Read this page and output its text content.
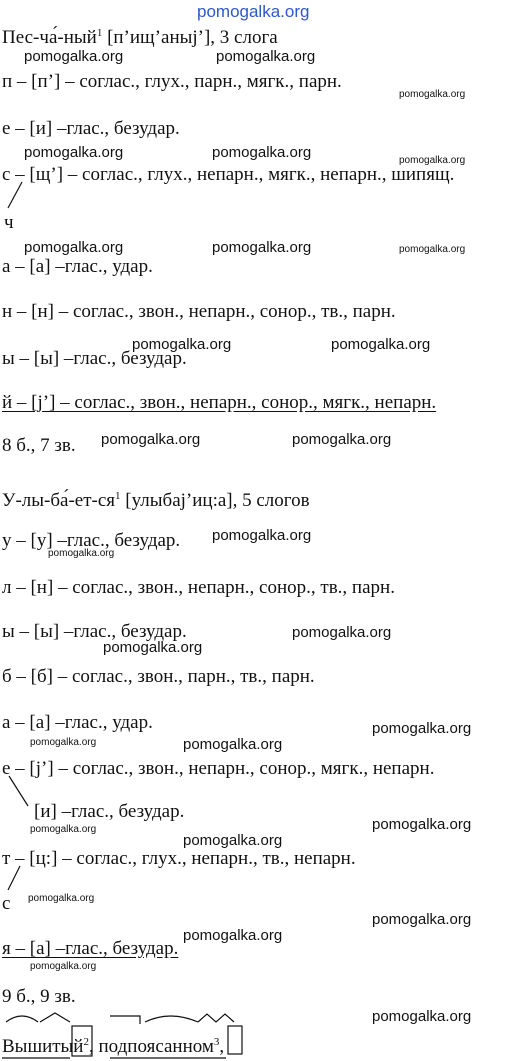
pomogalka.org
Пес-ча́-ный$^1$ [п’ищ’аныj’], 3 слога
п – [п’] – соглас., глух., парн., мягк., парн.
е – [и] –глас., безудар.
с – [щ’] – соглас., глух., непарн., мягк., непарн., шипящ.
ч
а – [а] –глас., удар.
н – [н] – соглас., звон., непарн., сонор., тв., парн.
ы – [ы] –глас., безудар.
й – [j’] – соглас., звон., непарн., сонор., мягк., непарн.
8 б., 7 зв.
$У-лы-ба́-ет-ся^1$ [улыбаj’иц:а], 5 слогов
у – [у] –глас., безудар.
л – [н] – соглас., звон., непарн., сонор., тв., парн.
ы – [ы] –глас., безудар.
б – [б] – соглас., звон., парн., тв., парн.
а – [а] –глас., удар.
е – [j’] – соглас., звон., непарн., сонор., мягк., непарн.
[и] –глас., безудар.
т – [ц:] – соглас., глух., непарн., тв., непарн.
с
я – [а] –глас., безудар.
9 б., 9 зв.
Вышитый$^2$, подпоясанном$^3$,
pomogalka.org	pomogalka.org
pomogalka.org
pomogalka.org	pomogalka.org	pomogalka.org
pomogalka.org	pomogalka.org	pomogalka.org
pomogalka.org	pomogalka.org
pomogalka.org	pomogalka.org
pomogalka.org
pomogalka.org
pomogalka.org
pomogalka.org
pomogalka.org
pomogalka.org
pomogalka.org
pomogalka.org
pomogalka.org
pomogalka.org
pomogalka.org
pomogalka.org
pomogalka.org
pomogalka.org
pomogalka.org
